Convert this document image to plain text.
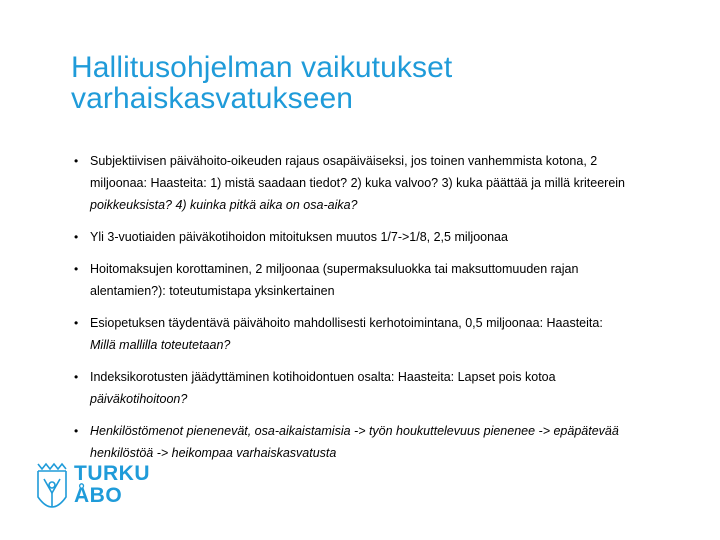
Hallitusohjelman vaikutukset
varhaiskasvatukseen
• Subjektiivisen päivähoito-oikeuden rajaus osapäiväiseksi, jos toinen vanhemmista kotona, 2
miljoonaa: Haasteita: 1) mistä saadaan tiedot? 2) kuka valvoo? 3) kuka päättää ja millä kriteerein
poikkeuksista? 4) kuinka pitkä aika on osa-aika?
• Yli 3-vuotiaiden päiväkotihoidon mitoituksen muutos 1/7->1/8, 2,5 miljoonaa
• Hoitomaksujen korottaminen, 2 miljoonaa (supermaksuluokka tai maksuttomuuden rajan
alentamien?): toteutumistapa yksinkertainen
• Esiopetuksen täydentävä päivähoito mahdollisesti kerhotoimintana, 0,5 miljoonaa: Haasteita:
Millä mallilla toteutetaan?
• Indeksikorotusten jäädyttäminen kotihoidontuen osalta: Haasteita: Lapset pois kotoa
päiväkotihoitoon?
• Henkilöstömenot pienenevät, osa-aikaistamisia -> työn houkuttelevuus pienenee -> epäpätevää
henkilöstöä -> heikompaa varhaiskasvatusta
TURKU
ÅBO
